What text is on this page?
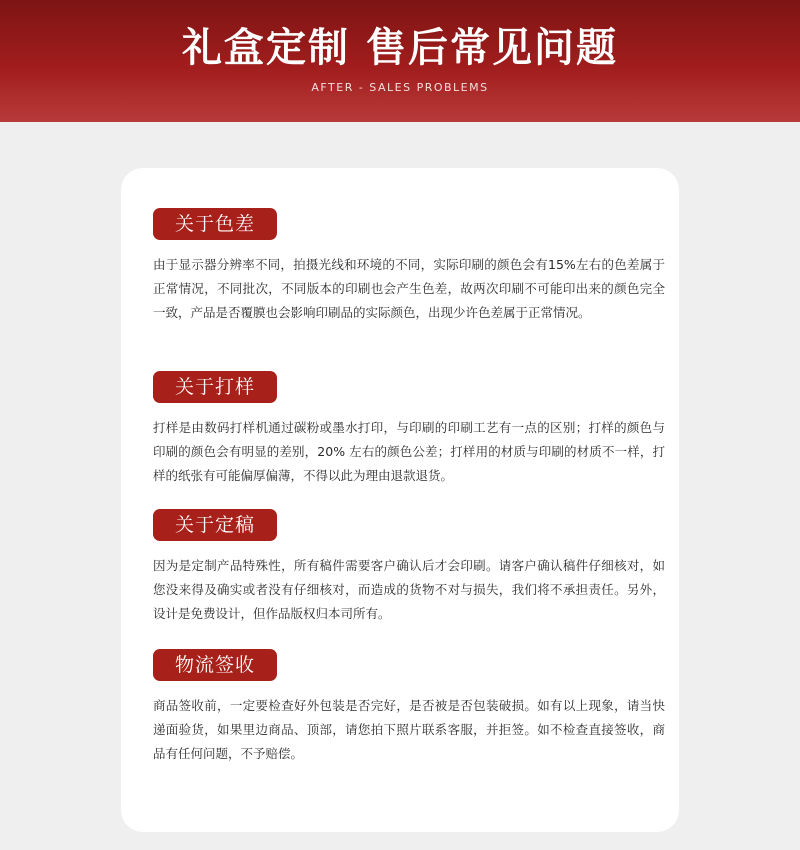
礼盒定制 售后常见问题
AFTER - SALES PROBLEMS
关于色差
由于显示器分辨率不同，拍摄光线和环境的不同，实际印刷的颜色会有15%左右的色差属于正常情况，不同批次，不同版本的印刷也会产生色差，故两次印刷不可能印出来的颜色完全一致，产品是否覆膜也会影响印刷品的实际颜色，出现少许色差属于正常情况。
关于打样
打样是由数码打样机通过碳粉或墨水打印，与印刷的印刷工艺有一点的区别；打样的颜色与印刷的颜色会有明显的差别，20% 左右的颜色公差；打样用的材质与印刷的材质不一样，打样的纸张有可能偏厚偏薄，不得以此为理由退款退货。
关于定稿
因为是定制产品特殊性，所有稿件需要客户确认后才会印刷。请客户确认稿件仔细核对，如您没来得及确实或者没有仔细核对，而造成的货物不对与损失，我们将不承担责任。另外，设计是免费设计，但作品版权归本司所有。
物流签收
商品签收前，一定要检查好外包装是否完好，是否被是否包装破损。如有以上现象，请当快递面验货，如果里边商品、顶部，请您拍下照片联系客服，并拒签。如不检查直接签收，商品有任何问题，不予赔偿。
